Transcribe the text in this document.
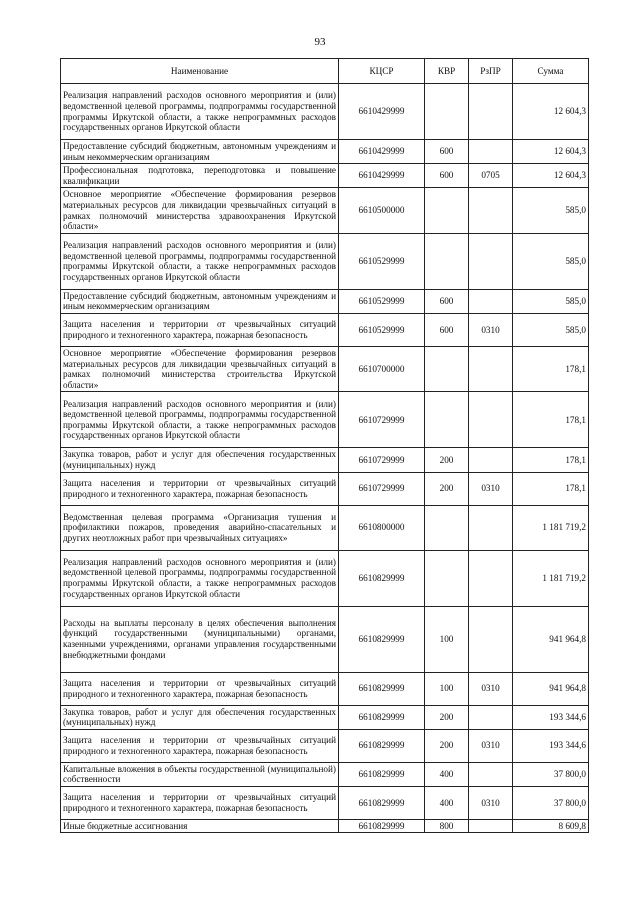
93
Наименование	КЦСР	КВР	РзПР	Сумма
Реализация направлений расходов основного мероприятия и (или) ведомственной целевой программы, подпрограммы государственной программы Иркутской области, а также непрограммных расходов государственных органов Иркутской области	6610429999			12 604,3
Предоставление субсидий бюджетным, автономным учреждениям и иным некоммерческим организациям	6610429999	600		12 604,3
Профессиональная подготовка, переподготовка и повышение квалификации	6610429999	600	0705	12 604,3
Основное мероприятие «Обеспечение формирования резервов материальных ресурсов для ликвидации чрезвычайных ситуаций в рамках полномочий министерства здравоохранения Иркутской области»	6610500000			585,0
Реализация направлений расходов основного мероприятия и (или) ведомственной целевой программы, подпрограммы государственной программы Иркутской области, а также непрограммных расходов государственных органов Иркутской области	6610529999			585,0
Предоставление субсидий бюджетным, автономным учреждениям и иным некоммерческим организациям	6610529999	600		585,0
Защита населения и территории от чрезвычайных ситуаций природного и техногенного характера, пожарная безопасность	6610529999	600	0310	585,0
Основное мероприятие «Обеспечение формирования резервов материальных ресурсов для ликвидации чрезвычайных ситуаций в рамках полномочий министерства строительства Иркутской области»	6610700000			178,1
Реализация направлений расходов основного мероприятия и (или) ведомственной целевой программы, подпрограммы государственной программы Иркутской области, а также непрограммных расходов государственных органов Иркутской области	6610729999			178,1
Закупка товаров, работ и услуг для обеспечения государственных (муниципальных) нужд	6610729999	200		178,1
Защита населения и территории от чрезвычайных ситуаций природного и техногенного характера, пожарная безопасность	6610729999	200	0310	178,1
Ведомственная целевая программа «Организация тушения и профилактики пожаров, проведения аварийно-спасательных и других неотложных работ при чрезвычайных ситуациях»	6610800000			1 181 719,2
Реализация направлений расходов основного мероприятия и (или) ведомственной целевой программы, подпрограммы государственной программы Иркутской области, а также непрограммных расходов государственных органов Иркутской области	6610829999			1 181 719,2
Расходы на выплаты персоналу в целях обеспечения выполнения функций государственными (муниципальными) органами, казенными учреждениями, органами управления государственными внебюджетными фондами	6610829999	100		941 964,8
Защита населения и территории от чрезвычайных ситуаций природного и техногенного характера, пожарная безопасность	6610829999	100	0310	941 964,8
Закупка товаров, работ и услуг для обеспечения государственных (муниципальных) нужд	6610829999	200		193 344,6
Защита населения и территории от чрезвычайных ситуаций природного и техногенного характера, пожарная безопасность	6610829999	200	0310	193 344,6
Капитальные вложения в объекты государственной (муниципальной) собственности	6610829999	400		37 800,0
Защита населения и территории от чрезвычайных ситуаций природного и техногенного характера, пожарная безопасность	6610829999	400	0310	37 800,0
Иные бюджетные ассигнования	6610829999	800		8 609,8
